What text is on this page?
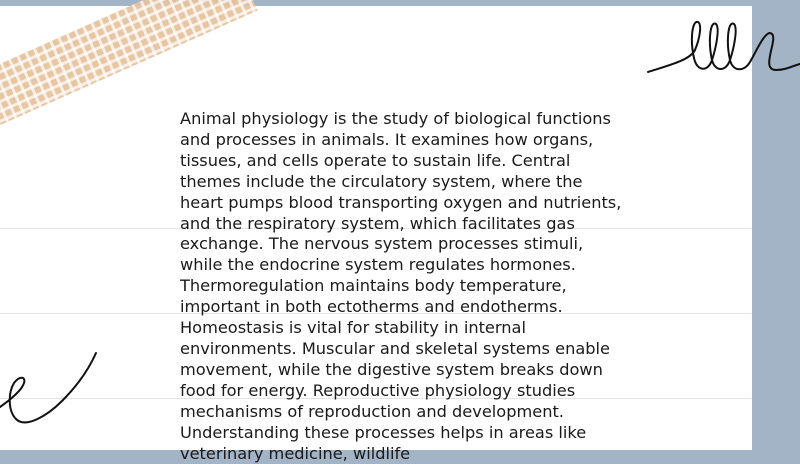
Animal physiology is the study of biological functions and processes in animals. It examines how organs, tissues, and cells operate to sustain life. Central themes include the circulatory system, where the heart pumps blood transporting oxygen and nutrients, and the respiratory system, which facilitates gas exchange. The nervous system processes stimuli, while the endocrine system regulates hormones. Thermoregulation maintains body temperature, important in both ectotherms and endotherms. Homeostasis is vital for stability in internal environments. Muscular and skeletal systems enable movement, while the digestive system breaks down food for energy. Reproductive physiology studies mechanisms of reproduction and development. Understanding these processes helps in areas like veterinary medicine, wildlife
